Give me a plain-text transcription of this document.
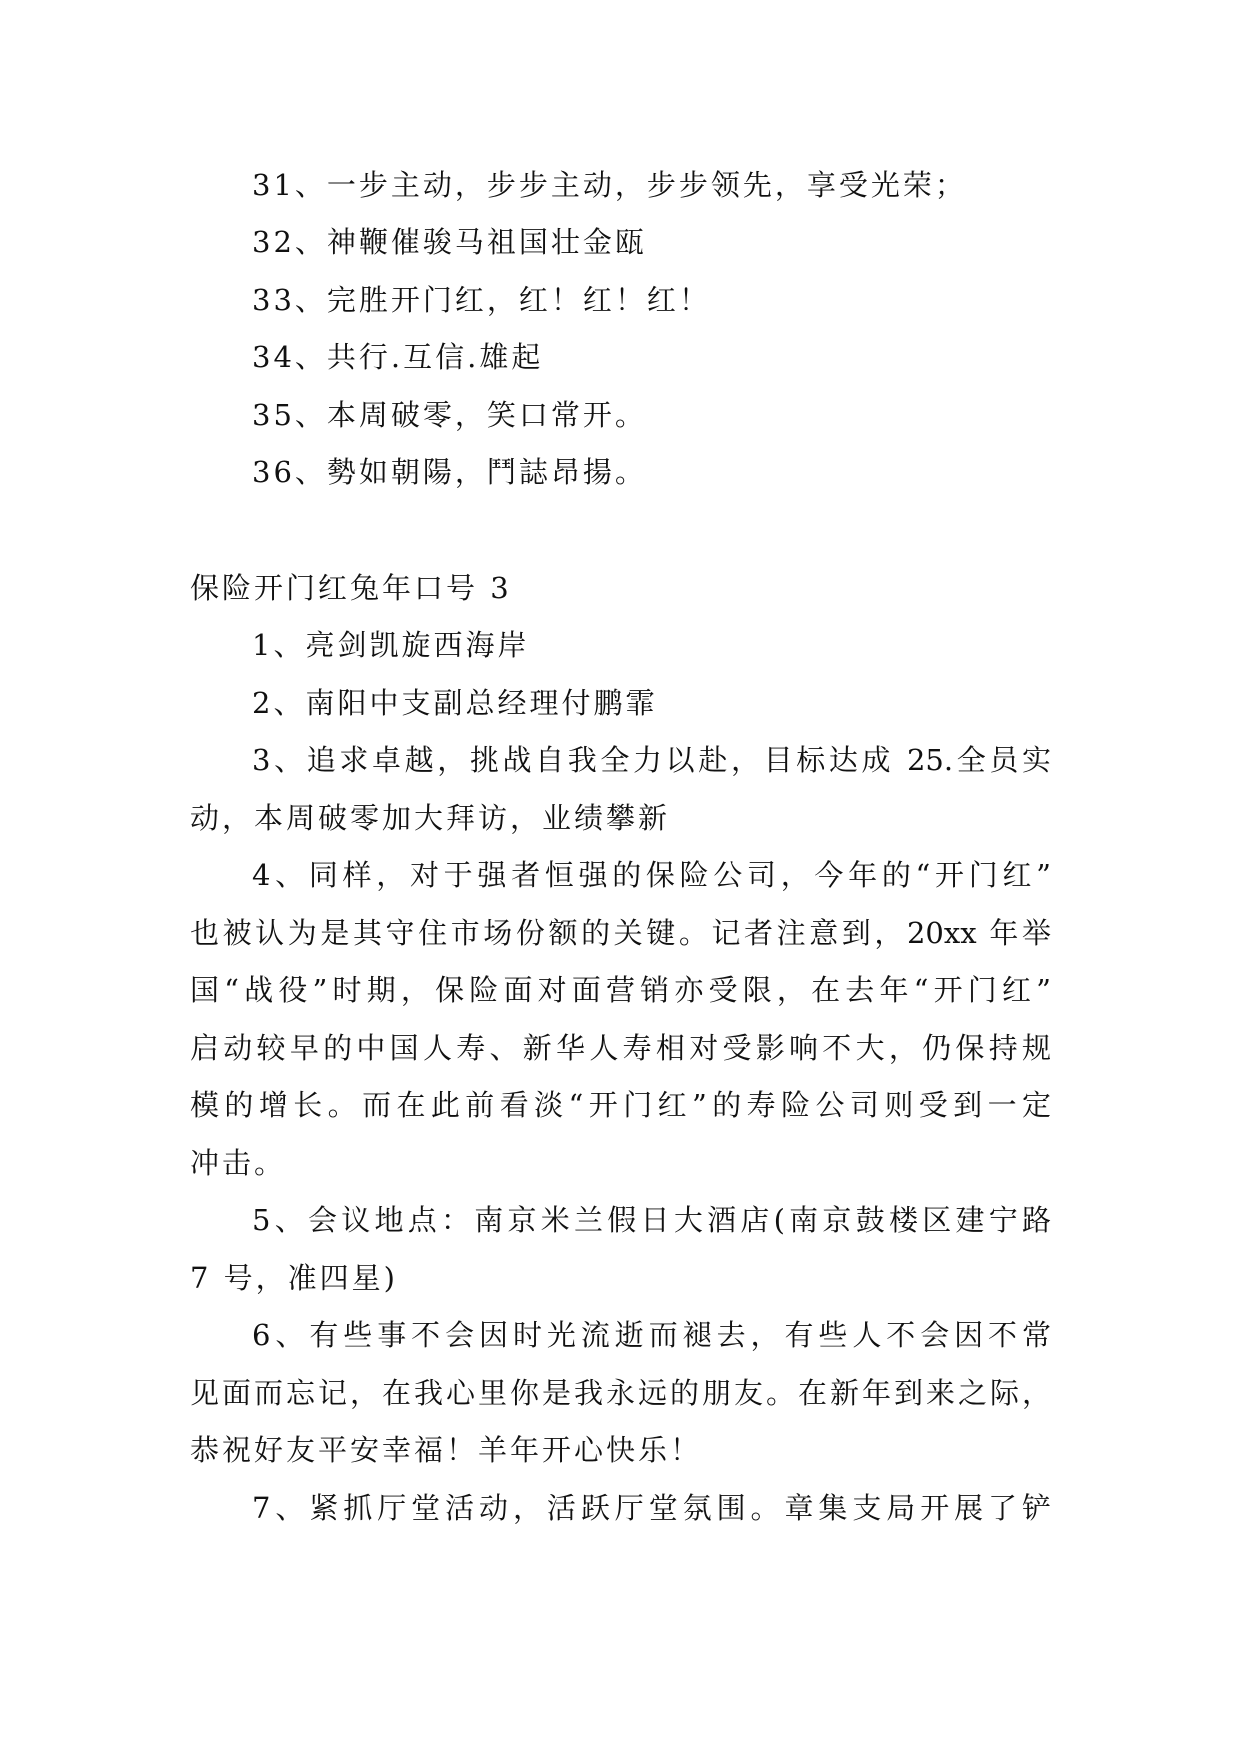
31、一步主动，步步主动，步步领先，享受光荣；
32、神鞭催骏马祖国壮金瓯
33、完胜开门红，红！红！红！
34、共行.互信.雄起
35、本周破零，笑口常开。
36、勢如朝陽，鬥誌昂揚。
保险开门红兔年口号 3
1、亮剑凯旋西海岸
2、南阳中支副总经理付鹏霏
3、追求卓越，挑战自我全力以赴，目标达成 25.全员实
动，本周破零加大拜访，业绩攀新
4、同样，对于强者恒强的保险公司，今年的“开门红”
也被认为是其守住市场份额的关键。记者注意到，20xx 年举
国“战役”时期，保险面对面营销亦受限，在去年“开门红”
启动较早的中国人寿、新华人寿相对受影响不大，仍保持规
模的增长。而在此前看淡“开门红”的寿险公司则受到一定
冲击。
5、会议地点：南京米兰假日大酒店(南京鼓楼区建宁路
7 号，准四星)
6、有些事不会因时光流逝而褪去，有些人不会因不常
见面而忘记，在我心里你是我永远的朋友。在新年到来之际，
恭祝好友平安幸福！羊年开心快乐！
7、紧抓厅堂活动，活跃厅堂氛围。章集支局开展了铲
